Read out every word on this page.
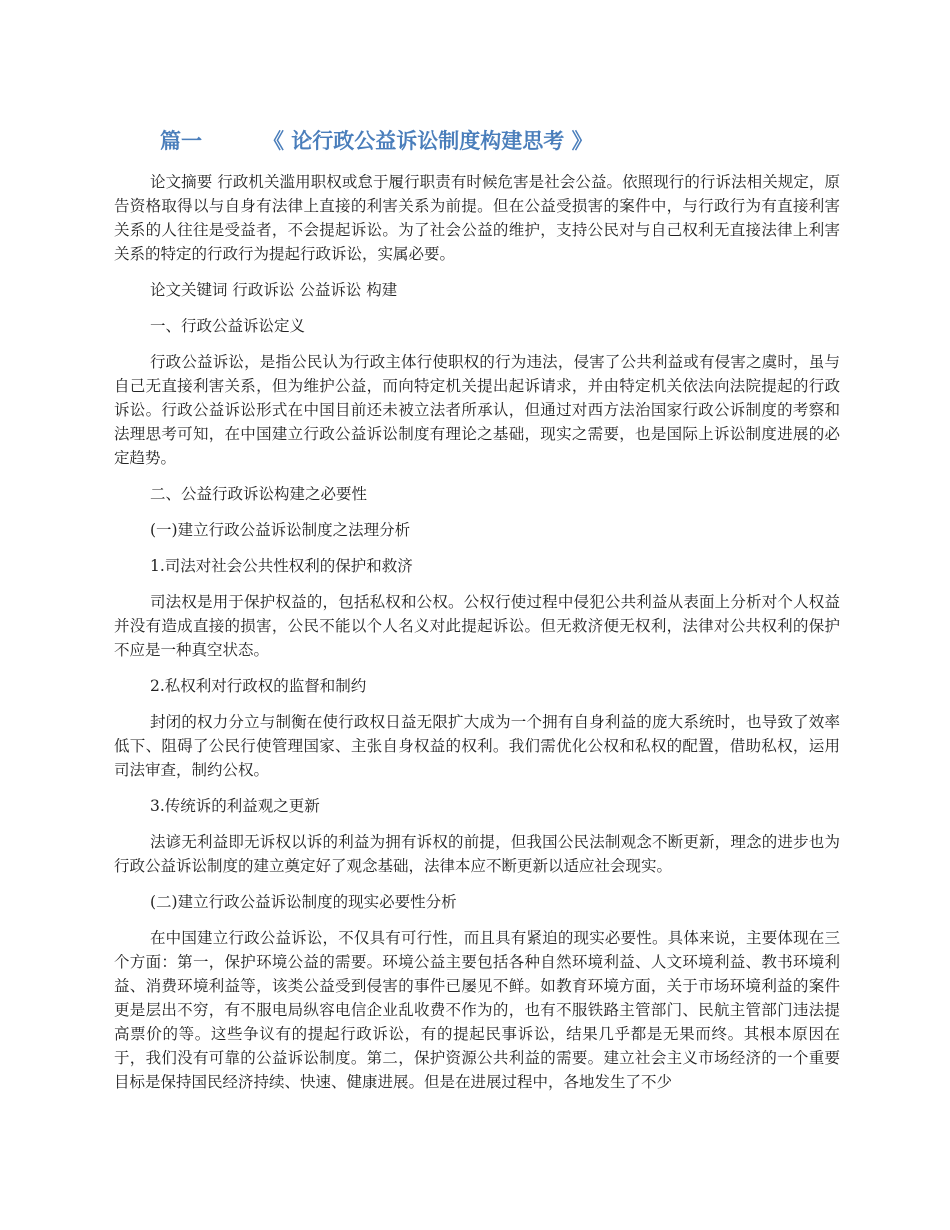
篇一	《 论行政公益诉讼制度构建思考 》

论文摘要 行政机关滥用职权或怠于履行职责有时候危害是社会公益。依照现行的行诉法相关规定，原告资格取得以与自身有法律上直接的利害关系为前提。但在公益受损害的案件中，与行政行为有直接利害关系的人往往是受益者，不会提起诉讼。为了社会公益的维护，支持公民对与自己权利无直接法律上利害关系的特定的行政行为提起行政诉讼，实属必要。

论文关键词 行政诉讼 公益诉讼 构建

一、行政公益诉讼定义

行政公益诉讼，是指公民认为行政主体行使职权的行为违法，侵害了公共利益或有侵害之虞时，虽与自己无直接利害关系，但为维护公益，而向特定机关提出起诉请求，并由特定机关依法向法院提起的行政诉讼。行政公益诉讼形式在中国目前还未被立法者所承认，但通过对西方法治国家行政公诉制度的考察和法理思考可知，在中国建立行政公益诉讼制度有理论之基础，现实之需要，也是国际上诉讼制度进展的必定趋势。

二、公益行政诉讼构建之必要性

(一)建立行政公益诉讼制度之法理分析

1.司法对社会公共性权利的保护和救济

司法权是用于保护权益的，包括私权和公权。公权行使过程中侵犯公共利益从表面上分析对个人权益并没有造成直接的损害，公民不能以个人名义对此提起诉讼。但无救济便无权利，法律对公共权利的保护不应是一种真空状态。

2.私权利对行政权的监督和制约

封闭的权力分立与制衡在使行政权日益无限扩大成为一个拥有自身利益的庞大系统时，也导致了效率低下、阻碍了公民行使管理国家、主张自身权益的权利。我们需优化公权和私权的配置，借助私权，运用司法审查，制约公权。

3.传统诉的利益观之更新

法谚无利益即无诉权以诉的利益为拥有诉权的前提，但我国公民法制观念不断更新，理念的进步也为行政公益诉讼制度的建立奠定好了观念基础，法律本应不断更新以适应社会现实。

(二)建立行政公益诉讼制度的现实必要性分析

在中国建立行政公益诉讼，不仅具有可行性，而且具有紧迫的现实必要性。具体来说，主要体现在三个方面：第一，保护环境公益的需要。环境公益主要包括各种自然环境利益、人文环境利益、教书环境利益、消费环境利益等，该类公益受到侵害的事件已屡见不鲜。如教育环境方面，关于市场环境利益的案件更是层出不穷，有不服电局纵容电信企业乱收费不作为的，也有不服铁路主管部门、民航主管部门违法提高票价的等。这些争议有的提起行政诉讼，有的提起民事诉讼，结果几乎都是无果而终。其根本原因在于，我们没有可靠的公益诉讼制度。第二，保护资源公共利益的需要。建立社会主义市场经济的一个重要目标是保持国民经济持续、快速、健康进展。但是在进展过程中，各地发生了不少
